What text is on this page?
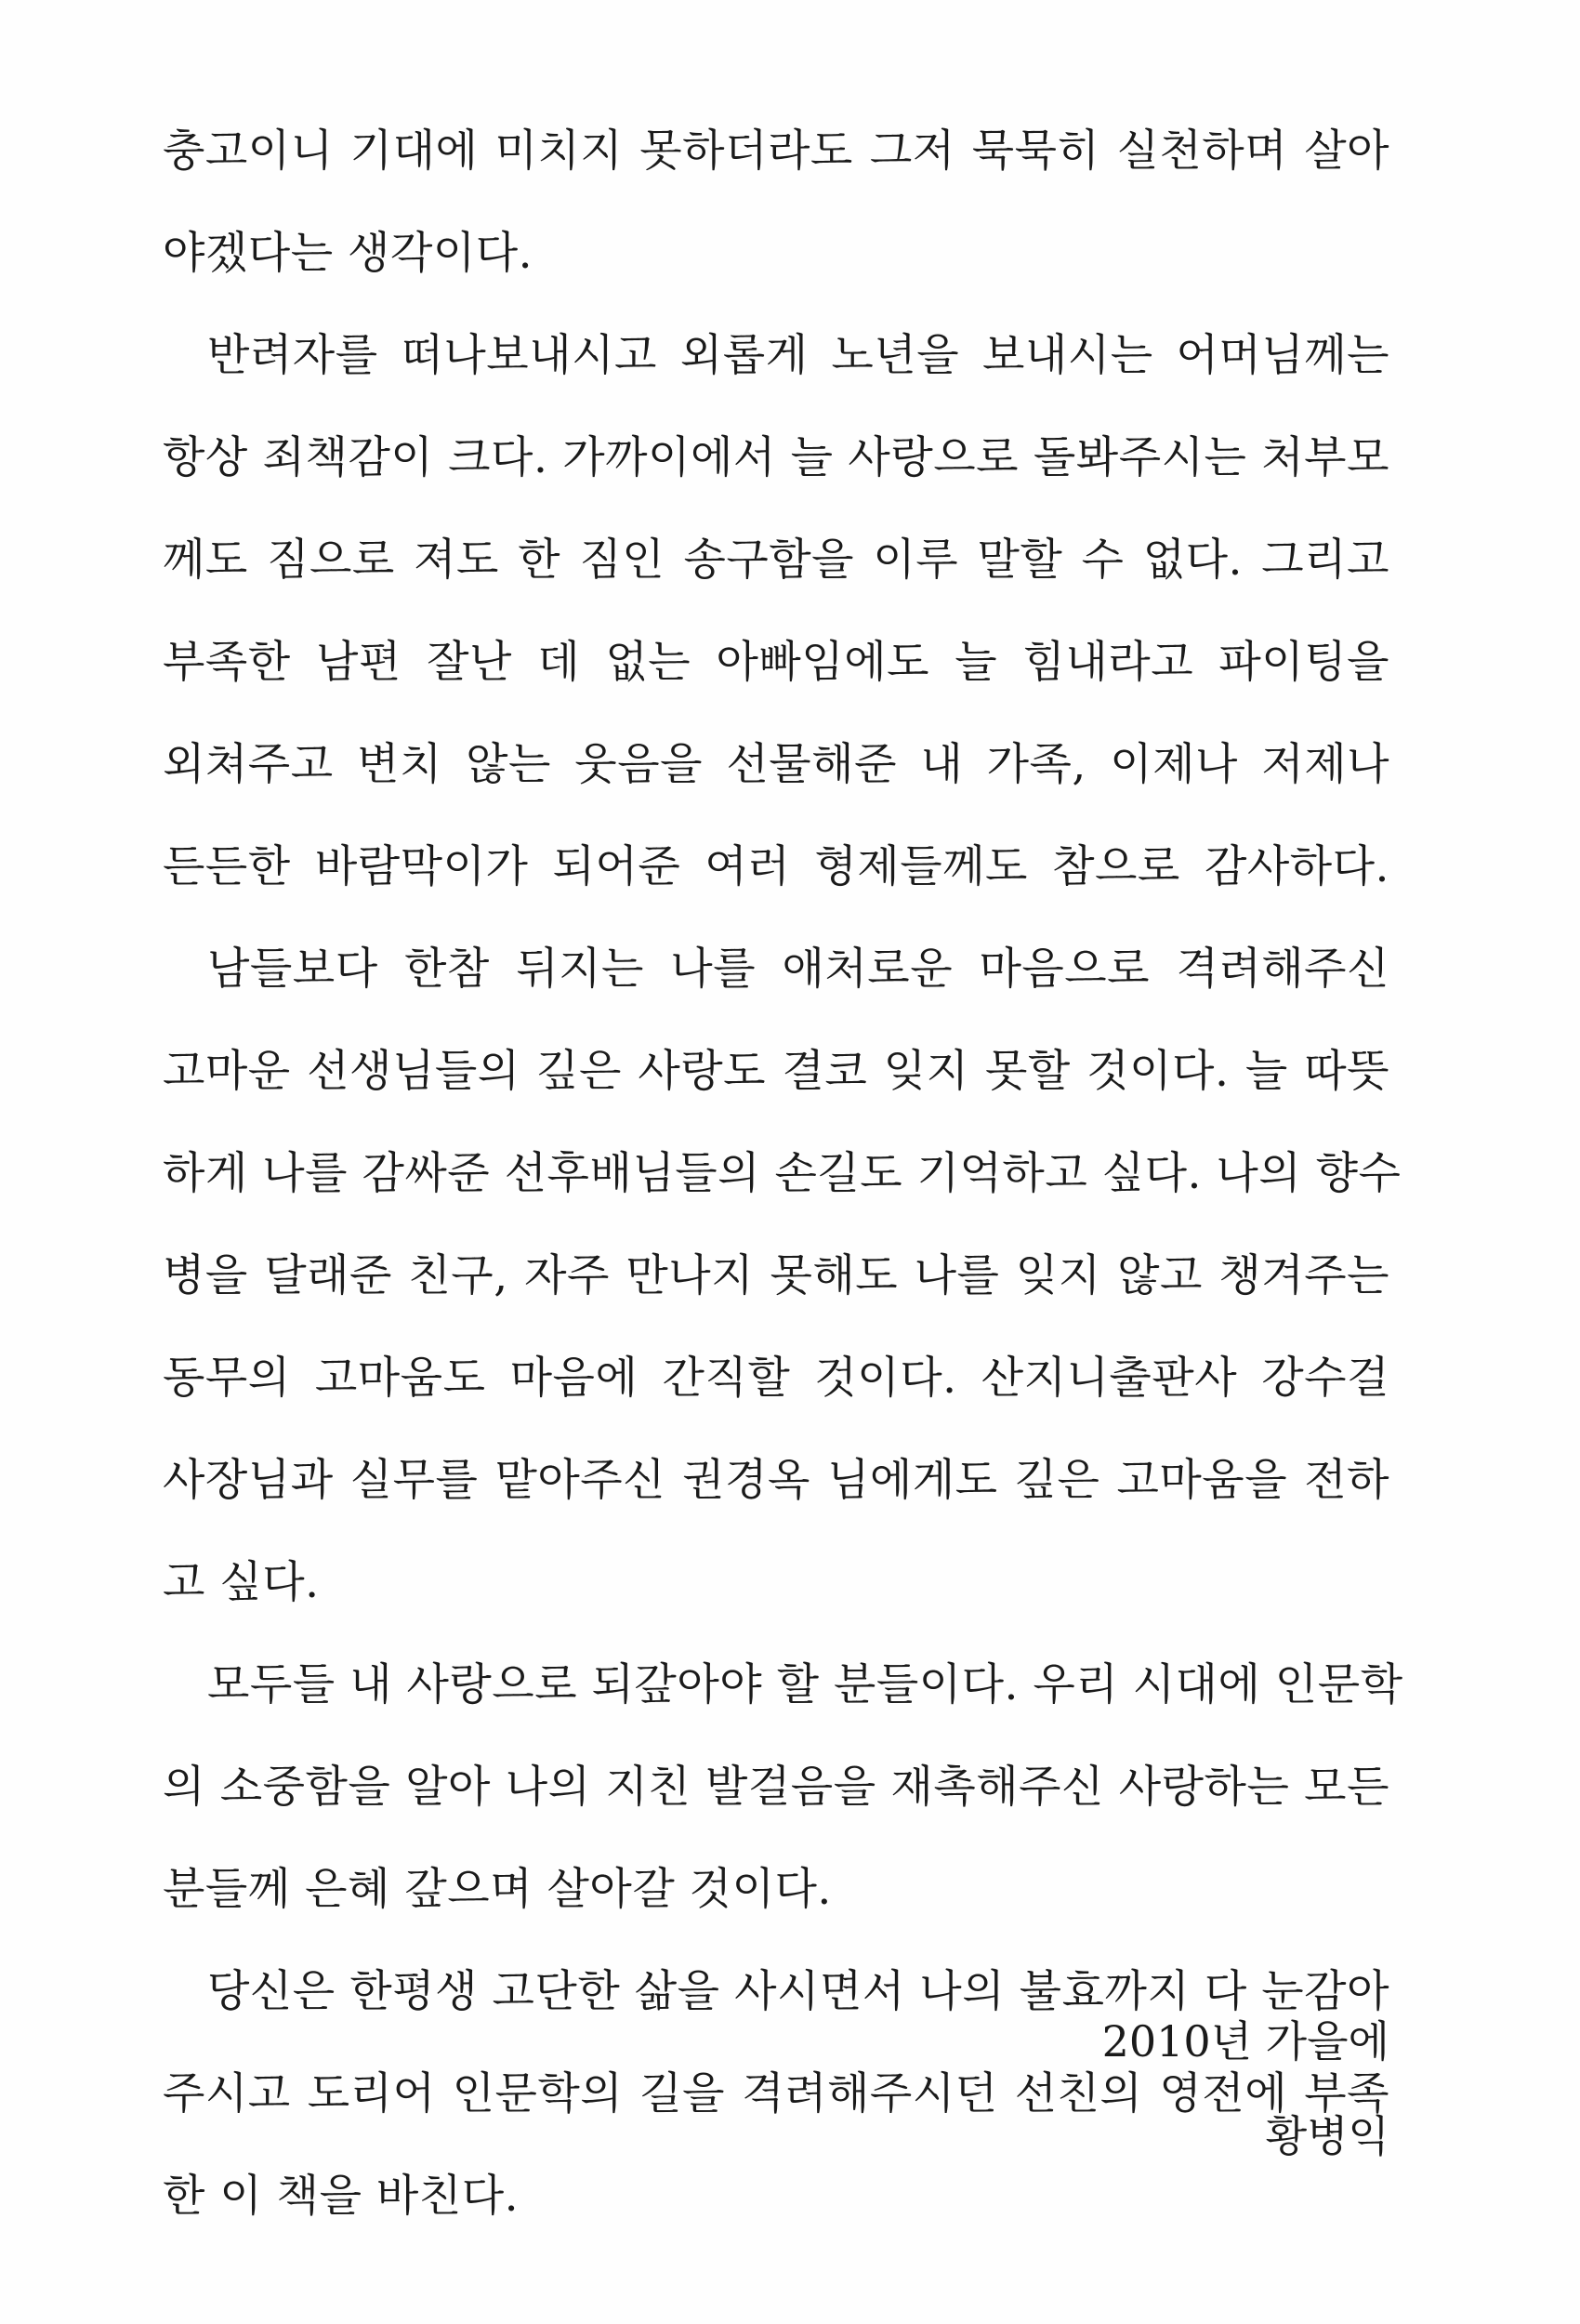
충고이니 기대에 미치지 못하더라도 그저 묵묵히 실천하며 살아
야겠다는 생각이다.
반려자를 떠나보내시고 외롭게 노년을 보내시는 어머님께는
항상 죄책감이 크다. 가까이에서 늘 사랑으로 돌봐주시는 처부모
께도 짐으로 져도 한 짐인 송구함을 이루 말할 수 없다. 그리고
부족한 남편 잘난 데 없는 아빠임에도 늘 힘내라고 파이팅을
외쳐주고 변치 않는 웃음을 선물해준 내 가족, 이제나 저제나
든든한 바람막이가 되어준 여러 형제들께도 참으로 감사하다.
남들보다 한참 뒤지는 나를 애처로운 마음으로 격려해주신
고마운 선생님들의 깊은 사랑도 결코 잊지 못할 것이다. 늘 따뜻
하게 나를 감싸준 선후배님들의 손길도 기억하고 싶다. 나의 향수
병을 달래준 친구, 자주 만나지 못해도 나를 잊지 않고 챙겨주는
동무의 고마움도 마음에 간직할 것이다. 산지니출판사 강수걸
사장님과 실무를 맡아주신 권경옥 님에게도 깊은 고마움을 전하
고 싶다.
모두들 내 사랑으로 되갚아야 할 분들이다. 우리 시대에 인문학
의 소중함을 알아 나의 지친 발걸음을 재촉해주신 사랑하는 모든
분들께 은혜 갚으며 살아갈 것이다.
당신은 한평생 고단한 삶을 사시면서 나의 불효까지 다 눈감아
주시고 도리어 인문학의 길을 격려해주시던 선친의 영전에 부족
한 이 책을 바친다.
2010년 가을에
황병익
